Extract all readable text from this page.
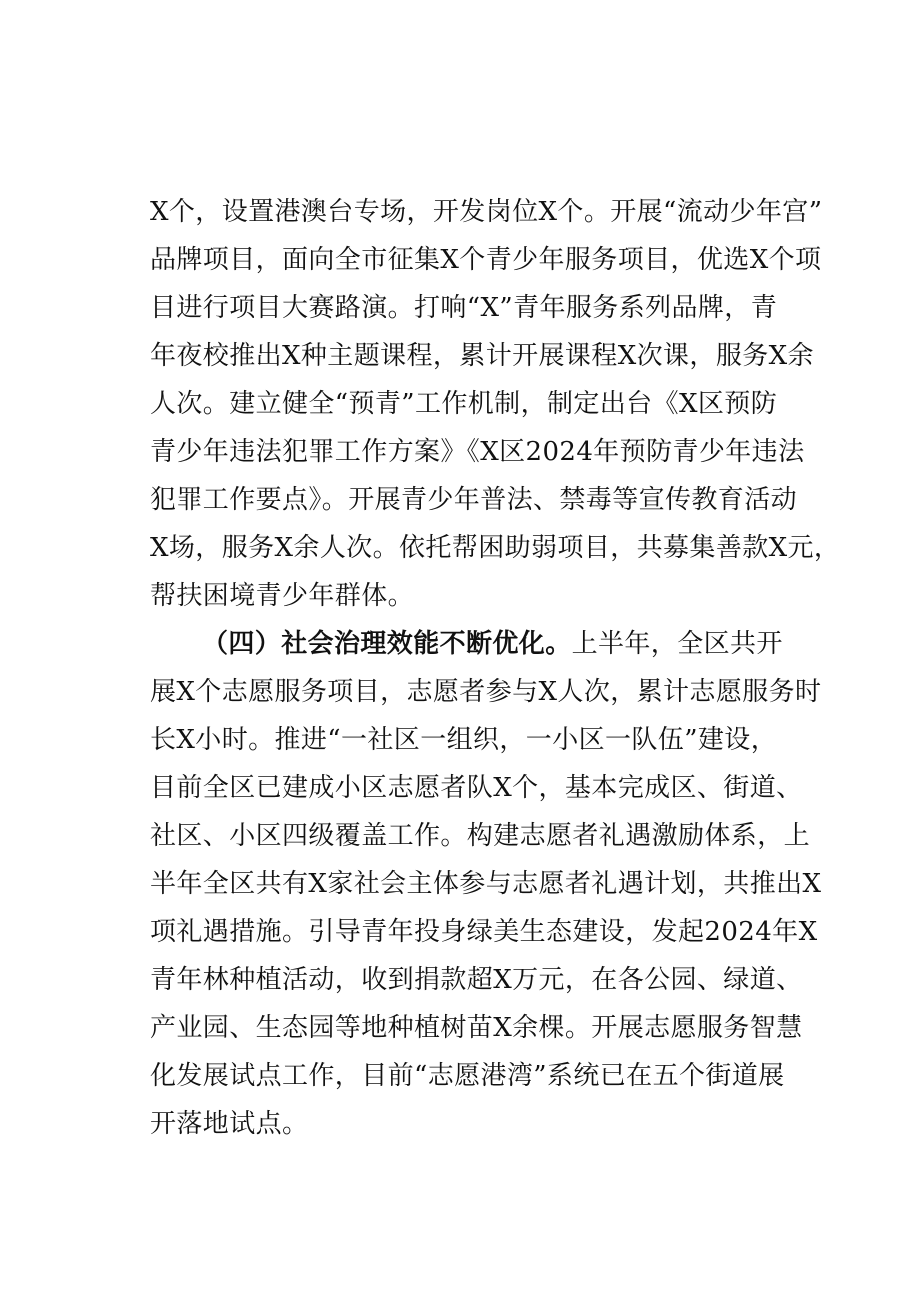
X个，设置港澳台专场，开发岗位X个。开展“流动少年宫”
品牌项目，面向全市征集X个青少年服务项目，优选X个项
目进行项目大赛路演。打响“X”青年服务系列品牌，青
年夜校推出X种主题课程，累计开展课程X次课，服务X余
人次。建立健全“预青”工作机制，制定出台《X区预防
青少年违法犯罪工作方案》《X区2024年预防青少年违法
犯罪工作要点》。开展青少年普法、禁毒等宣传教育活动
X场，服务X余人次。依托帮困助弱项目，共募集善款X元，
帮扶困境青少年群体。
（四）社会治理效能不断优化。上半年，全区共开
展X个志愿服务项目，志愿者参与X人次，累计志愿服务时
长X小时。推进“一社区一组织，一小区一队伍”建设，
目前全区已建成小区志愿者队X个，基本完成区、街道、
社区、小区四级覆盖工作。构建志愿者礼遇激励体系，上
半年全区共有X家社会主体参与志愿者礼遇计划，共推出X
项礼遇措施。引导青年投身绿美生态建设，发起2024年X
青年林种植活动，收到捐款超X万元，在各公园、绿道、
产业园、生态园等地种植树苗X余棵。开展志愿服务智慧
化发展试点工作，目前“志愿港湾”系统已在五个街道展
开落地试点。
